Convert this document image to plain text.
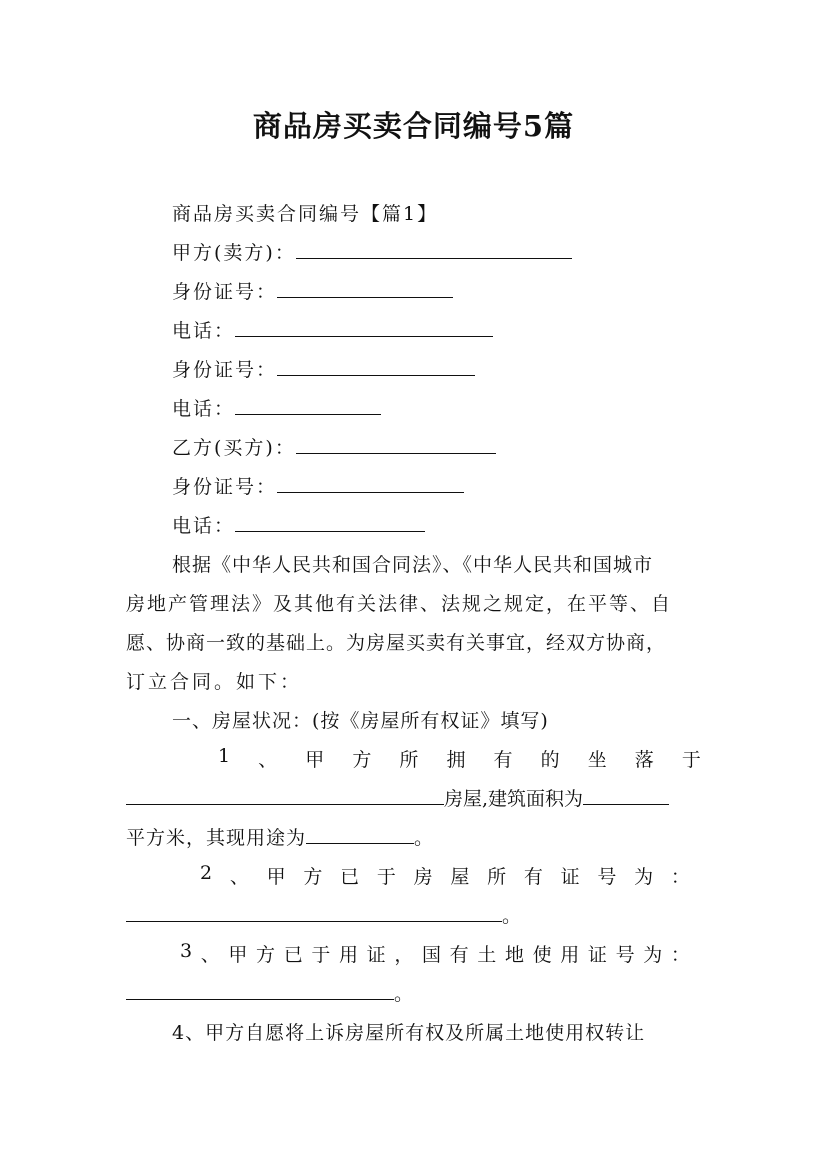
商品房买卖合同编号5篇
商品房买卖合同编号【篇1】
甲方(卖方)：
身份证号：
电话：
身份证号：
电话：
乙方(买方)：
身份证号：
电话：
根据《中华人民共和国合同法》、《中华人民共和国城市
房地产管理法》及其他有关法律、法规之规定，在平等、自
愿、协商一致的基础上。为房屋买卖有关事宜，经双方协商，
订立合同。如下：
一、房屋状况：(按《房屋所有权证》填写)
1 、 甲 方 所 拥 有 的 坐 落 于
房屋,建筑面积为
平方米，其现用途为	。
2 、 甲 方 已 于 房 屋 所 有 证 号 为 ：
。
3 、 甲 方 已 于 用 证 ， 国 有 土 地 使 用 证 号 为 ：
。
4、甲方自愿将上诉房屋所有权及所属土地使用权转让
